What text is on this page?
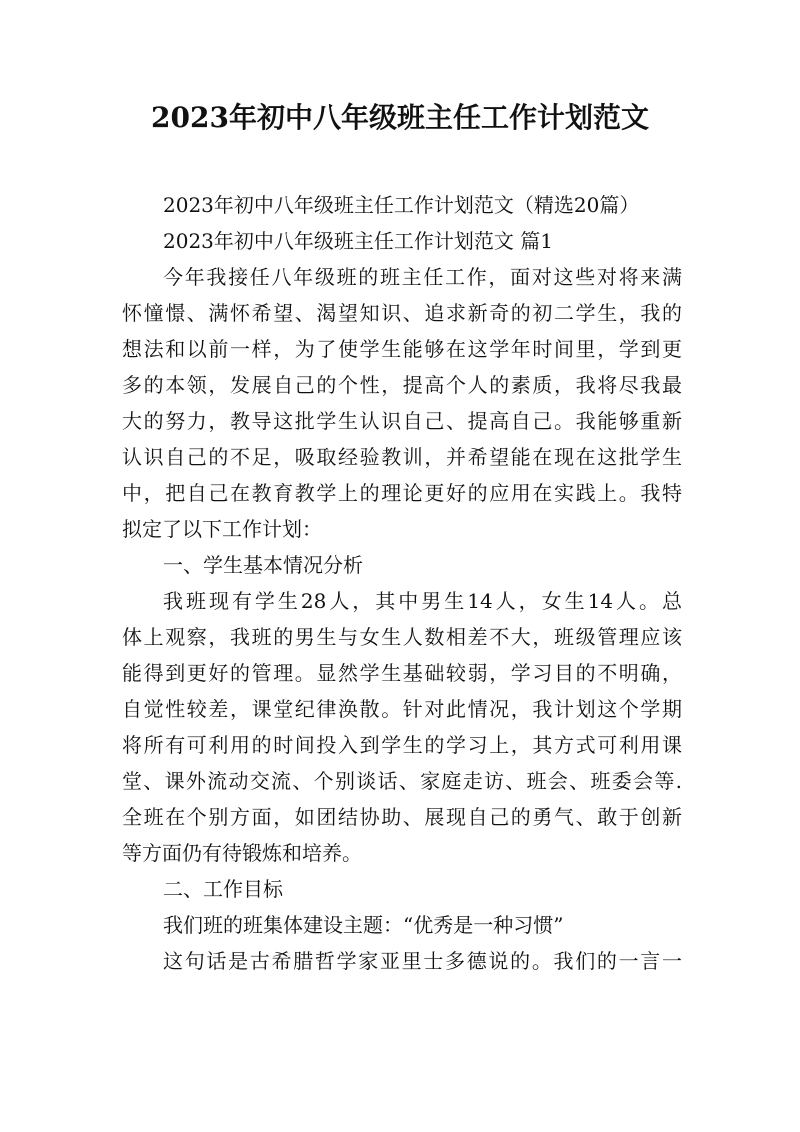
2023年初中八年级班主任工作计划范文
2023年初中八年级班主任工作计划范文（精选20篇）
2023年初中八年级班主任工作计划范文 篇1
今年我接任八年级班的班主任工作，面对这些对将来满
怀憧憬、满怀希望、渴望知识、追求新奇的初二学生，我的
想法和以前一样，为了使学生能够在这学年时间里，学到更
多的本领，发展自己的个性，提高个人的素质，我将尽我最
大的努力，教导这批学生认识自己、提高自己。我能够重新
认识自己的不足，吸取经验教训，并希望能在现在这批学生
中，把自己在教育教学上的理论更好的应用在实践上。我特
拟定了以下工作计划：
一、学生基本情况分析
我班现有学生28人，其中男生14人，女生14人。总
体上观察，我班的男生与女生人数相差不大，班级管理应该
能得到更好的管理。显然学生基础较弱，学习目的不明确，
自觉性较差，课堂纪律涣散。针对此情况，我计划这个学期
将所有可利用的时间投入到学生的学习上，其方式可利用课
堂、课外流动交流、个别谈话、家庭走访、班会、班委会等.
全班在个别方面，如团结协助、展现自己的勇气、敢于创新
等方面仍有待锻炼和培养。
二、工作目标
我们班的班集体建设主题：“优秀是一种习惯”
这句话是古希腊哲学家亚里士多德说的。我们的一言一
